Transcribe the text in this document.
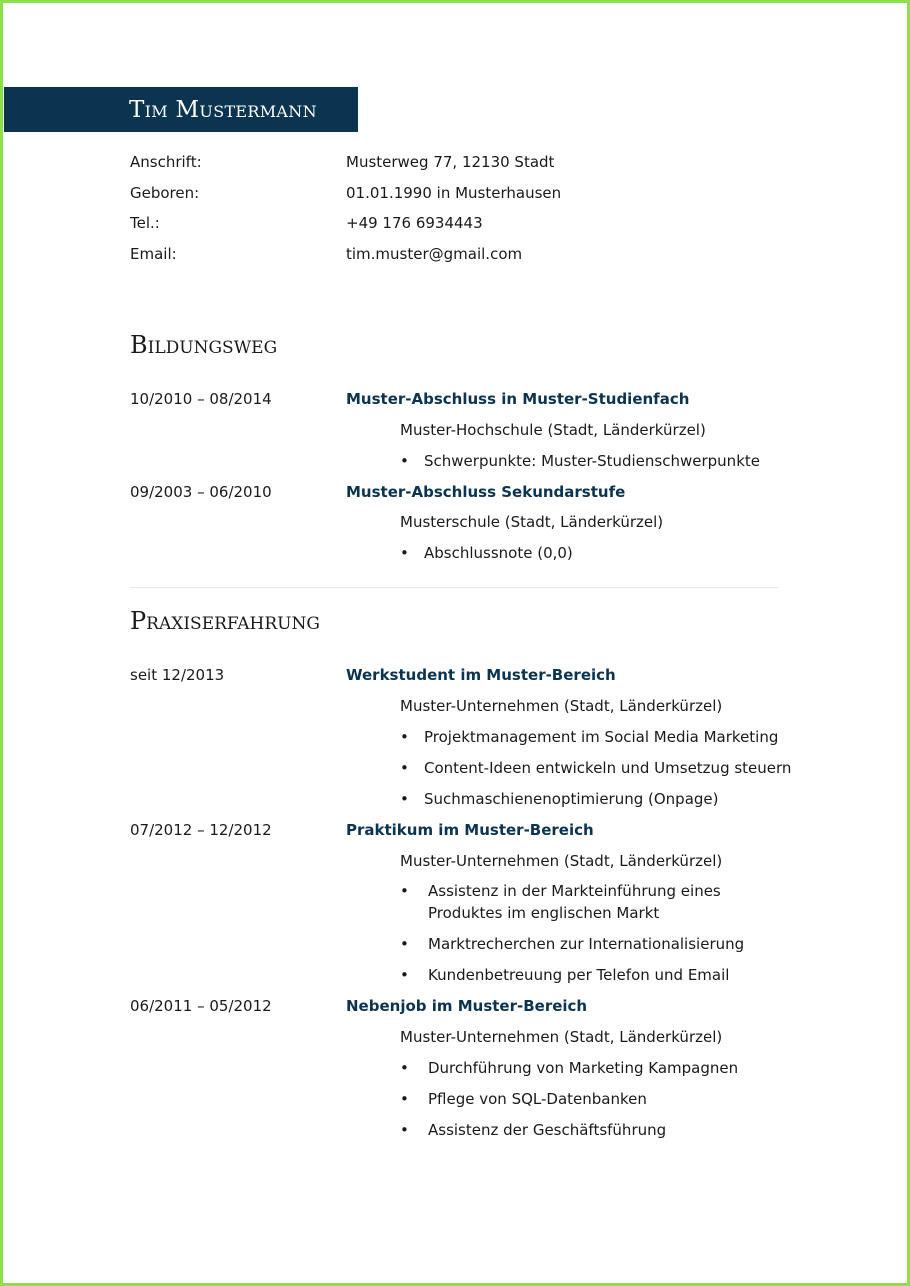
Tim Mustermann
Anschrift:	Musterweg 77, 12130 Stadt
Geboren:	01.01.1990 in Musterhausen
Tel.:	+49 176 6934443
Email:	tim.muster@gmail.com
Bildungsweg
10/2010 – 08/2014	Muster-Abschluss in Muster-Studienfach
Muster-Hochschule (Stadt, Länderkürzel)
• Schwerpunkte: Muster-Studienschwerpunkte
09/2003 – 06/2010	Muster-Abschluss Sekundarstufe
Musterschule (Stadt, Länderkürzel)
• Abschlussnote (0,0)
Praxiserfahrung
seit 12/2013	Werkstudent im Muster-Bereich
Muster-Unternehmen (Stadt, Länderkürzel)
• Projektmanagement im Social Media Marketing
• Content-Ideen entwickeln und Umsetzug steuern
• Suchmaschienenoptimierung (Onpage)
07/2012 – 12/2012	Praktikum im Muster-Bereich
Muster-Unternehmen (Stadt, Länderkürzel)
• Assistenz in der Markteinführung eines
Produktes im englischen Markt
• Marktrecherchen zur Internationalisierung
• Kundenbetreuung per Telefon und Email
06/2011 – 05/2012	Nebenjob im Muster-Bereich
Muster-Unternehmen (Stadt, Länderkürzel)
• Durchführung von Marketing Kampagnen
• Pflege von SQL-Datenbanken
• Assistenz der Geschäftsführung
